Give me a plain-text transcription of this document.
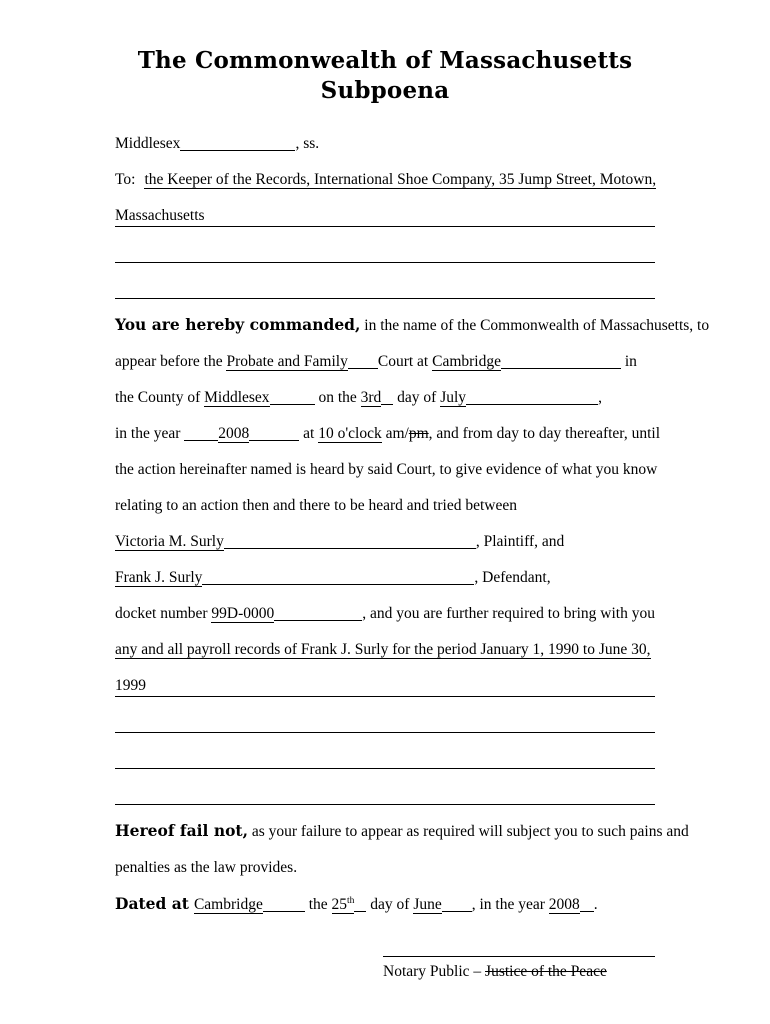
The Commonwealth of Massachusetts
Subpoena

Middlesex	, ss.

To: the Keeper of the Records, International Shoe Company, 35 Jump Street, Motown,

Massachusetts

You are hereby commanded, in the name of the Commonwealth of Massachusetts, to

appear before the Probate and Family Court at Cambridge	in

the County of Middlesex	on the 3rd day of July	,

in the year 2008	at 10 o'clock am/pm, and from day to day thereafter, until

the action hereinafter named is heard by said Court, to give evidence of what you know

relating to an action then and there to be heard and tried between

Victoria M. Surly	, Plaintiff, and

Frank J. Surly	, Defendant,

docket number 99D-0000	, and you are further required to bring with you

any and all payroll records of Frank J. Surly for the period January 1, 1990 to June 30,

1999

Hereof fail not, as your failure to appear as required will subject you to such pains and

penalties as the law provides.

Dated at Cambridge	the 25th day of June , in the year 2008 .

Notary Public – Justice of the Peace
